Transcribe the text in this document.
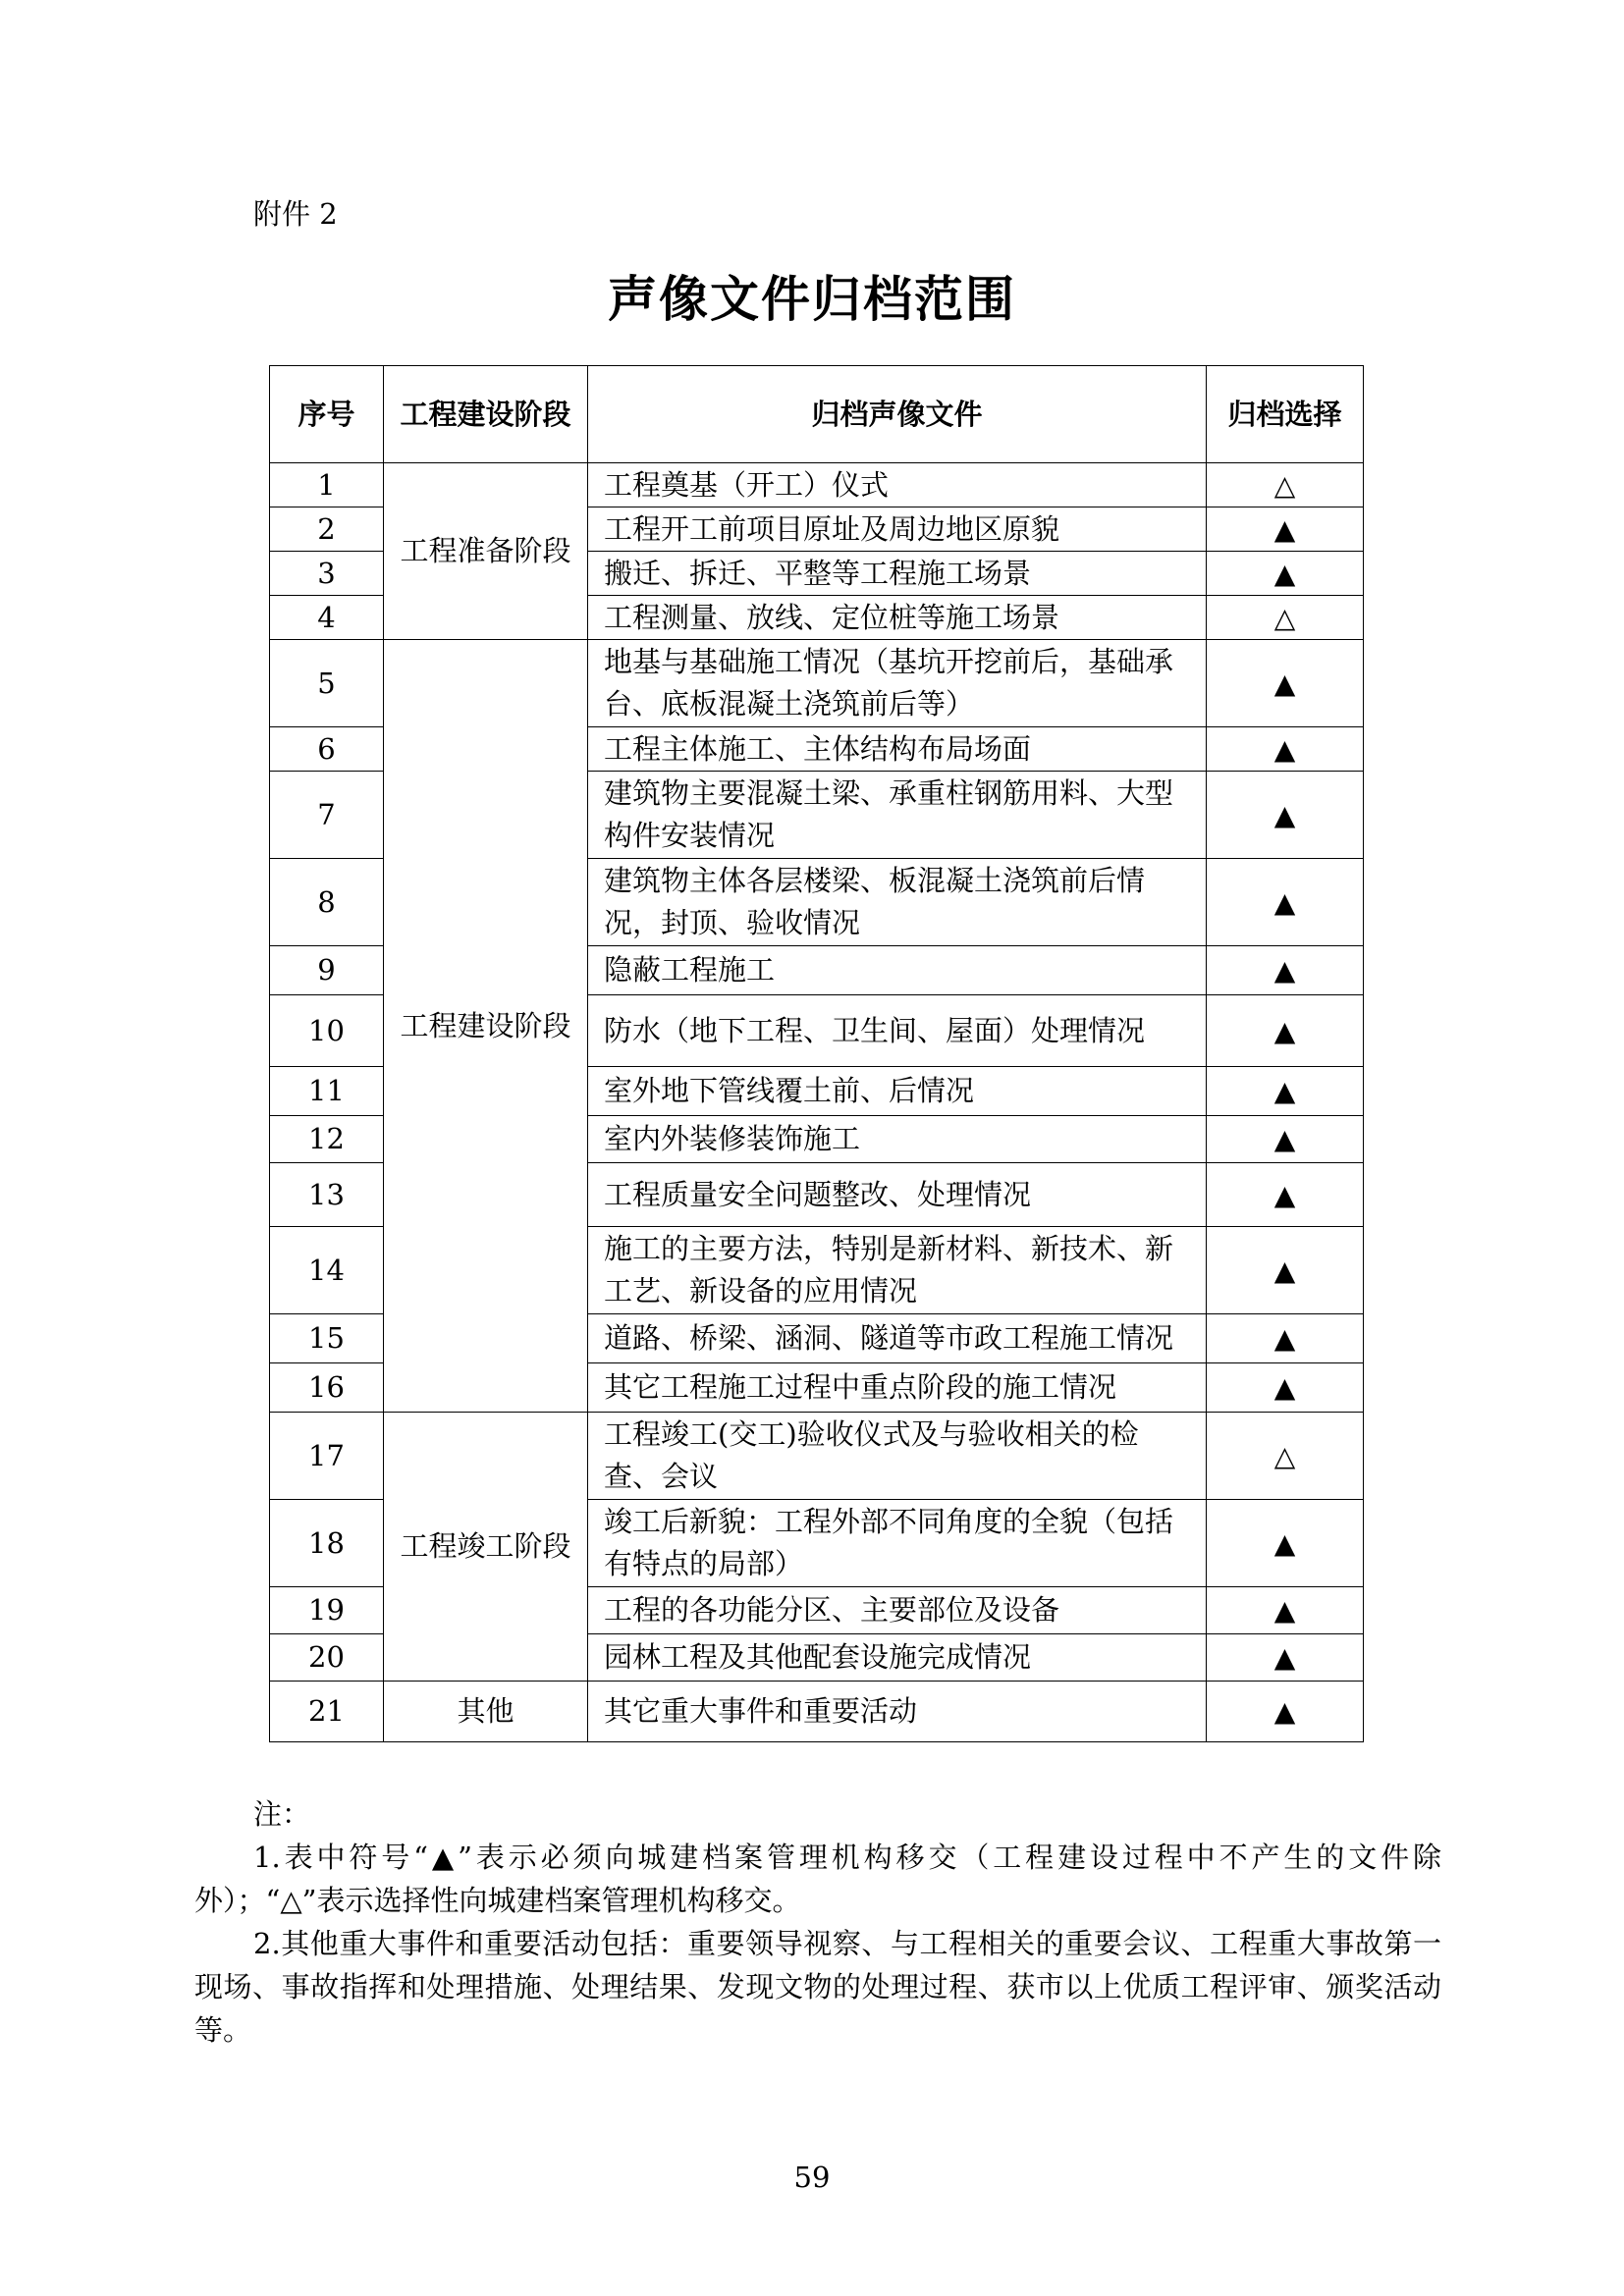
附件 2
声像文件归档范围
序号	工程建设阶段	归档声像文件	归档选择
1	工程准备阶段	工程奠基（开工）仪式	△
2		工程开工前项目原址及周边地区原貌	▲
3		搬迁、拆迁、平整等工程施工场景	▲
4		工程测量、放线、定位桩等施工场景	△
5	工程建设阶段	地基与基础施工情况（基坑开挖前后，基础承台、底板混凝土浇筑前后等）	▲
6		工程主体施工、主体结构布局场面	▲
7		建筑物主要混凝土梁、承重柱钢筋用料、大型构件安装情况	▲
8		建筑物主体各层楼梁、板混凝土浇筑前后情况，封顶、验收情况	▲
9		隐蔽工程施工	▲
10		防水（地下工程、卫生间、屋面）处理情况	▲
11		室外地下管线覆土前、后情况	▲
12		室内外装修装饰施工	▲
13		工程质量安全问题整改、处理情况	▲
14		施工的主要方法，特别是新材料、新技术、新工艺、新设备的应用情况	▲
15		道路、桥梁、涵洞、隧道等市政工程施工情况	▲
16		其它工程施工过程中重点阶段的施工情况	▲
17	工程竣工阶段	工程竣工(交工)验收仪式及与验收相关的检查、会议	△
18		竣工后新貌：工程外部不同角度的全貌（包括有特点的局部）	▲
19		工程的各功能分区、主要部位及设备	▲
20		园林工程及其他配套设施完成情况	▲
21	其他	其它重大事件和重要活动	▲
注：

1.表中符号“▲”表示必须向城建档案管理机构移交（工程建设过程中不产生的文件除外）；“△”表示选择性向城建档案管理机构移交。

2.其他重大事件和重要活动包括：重要领导视察、与工程相关的重要会议、工程重大事故第一现场、事故指挥和处理措施、处理结果、发现文物的处理过程、获市以上优质工程评审、颁奖活动等。

59
